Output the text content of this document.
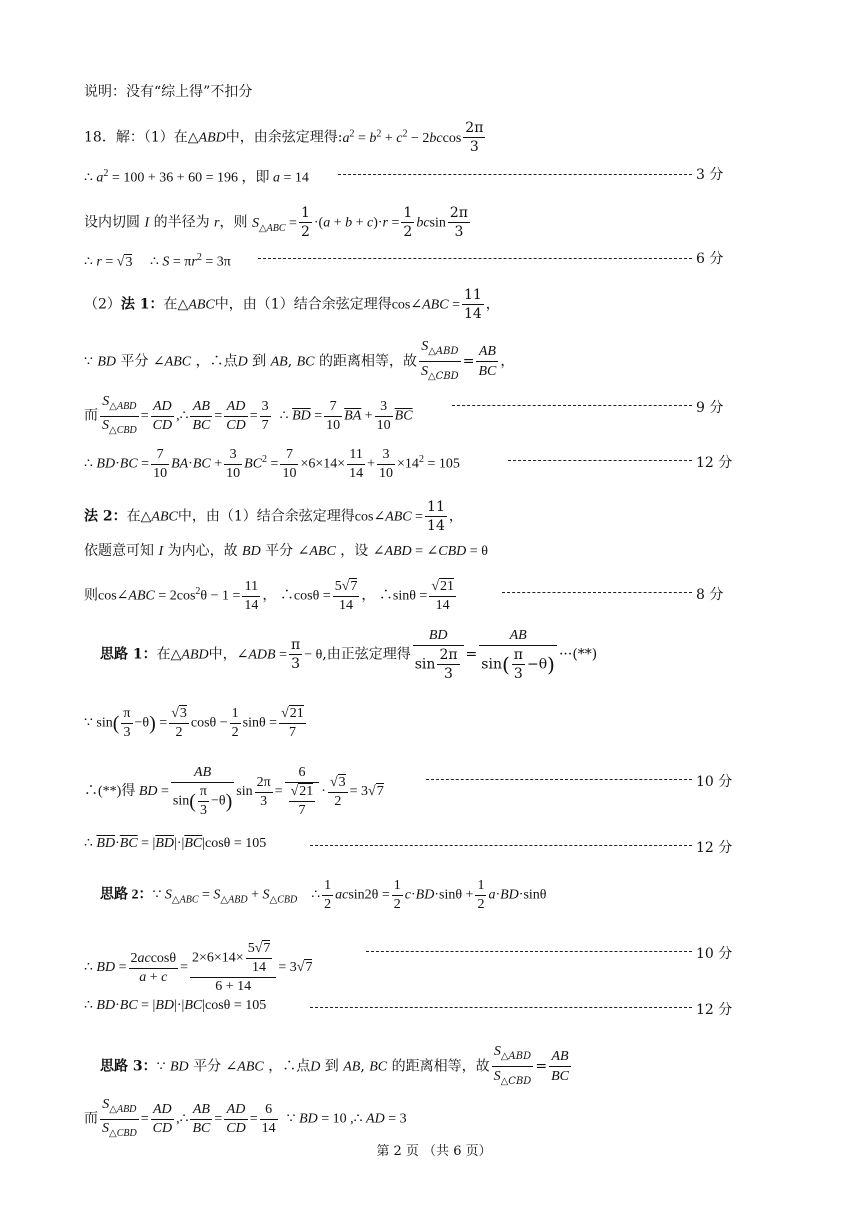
说明：没有“综上得”不扣分
18．解：（1）在△ABD中，由余弦定理得$:a^2 = b^2 + c^2 - 2bccos \frac{2\pi}{3}$
∴ $a^2 = 100 + 36 + 60 = 196$ ，即 a = 14	3 分
设内切圆 I 的半径为 r，则 $S_{\triangle ABC} = \frac{1}{2} \cdot(a + b + c)\cdot r = \frac{1}{2}$ bcsin $\frac{2\pi}{3}$
∴ r = √3     ∴ $S = \pi r^2 = 3\pi$	6 分
（2）法 1：在△ABC中，由（1）结合余弦定理得cos∠ABC = $\frac{11}{14}$ ，
∵ BD 平分 ∠ABC ，∴点D 到 AB, BC 的距离相等，故
$S_{\triangle ABD}$
$S_{\triangle CBD}$
= $\frac{AB}{BC}$ ，
而
$S_{\triangle ABD}$
$S_{\triangle CBD}$
= $\frac{AD}{CD}$ ,∴ $\frac{AB}{BC} = \frac{AD}{CD} = \frac{3}{7}$ ∴ $\overline{BD} = \frac{7}{10} \overline{BA} + \frac{3}{10} \overline{BC}$
9 分
∴ $BD\cdot BC = \frac{7}{10} BA\cdot BC + \frac{3}{10} BC^2 = \frac{7}{10} \times 6\times 14\times \frac{11}{14} + \frac{3}{10} \times 14^2 = 105$	12 分
法 2：在△ABC中，由（1）结合余弦定理得cos∠ABC = $\frac{11}{14}$ ，
依题意可知 I 为内心，故 BD 平分 ∠ABC ，设 ∠ABD = ∠CBD = θ
则cos∠ABC = $2\cos^2\theta - 1 = \frac{11}{14}$ ， ∴cosθ = $\frac{5√7}{14}$ ， ∴sinθ = $\frac{√21}{14}$	8 分
思路 1：在△ABD中，∠ADB = $\frac{\pi}{3} - \theta$,由正弦定理得 $\frac{BD}{\sin \frac{2\pi}{3}} = \frac{AB}{\sin( \frac{\pi}{3} -\theta)}$ ···(**)
∵ $\sin( \frac{\pi}{3} -\theta) = \frac{√3}{2}$ $\cos\theta - \frac{1}{2}$ $\sin\theta = \frac{√21}{7}$
∴(**)得 BD = $\frac{AB}{\sin( \frac{\pi}{3} -\theta)}$ $\sin \frac{2\pi}{3} = \frac{6}{\frac{√21}{7}} \cdot \frac{√3}{2} = 3√7$
10 分
∴ $\overline{BD}\cdot\overline{BC} = |\overline{BD}|\cdot|\overline{BC}|\cos\theta = 105$	12 分
思路 2：∵ $S_{\triangle ABC} = S_{\triangle ABD} + S_{\triangle CBD}$    ∴ $\frac{1}{2} acsin2\theta = \frac{1}{2} c\cdot BD\cdot\sin\theta + \frac{1}{2} a\cdot BD\cdot\sin\theta$
∴ BD = $\frac{2accos\theta}{a + c} = \frac{2\times 6\times 14\times \frac{5√7}{14}}{6 + 14} = 3√7$
10 分
∴ BD·BC = |BD|·|BC|cosθ = 105	12 分
思路 3：∵ BD 平分 ∠ABC ，∴点D 到 AB, BC 的距离相等，故
$S_{\triangle ABD}$
$S_{\triangle CBD}$
= $\frac{AB}{BC}$
而
$S_{\triangle ABD}$
$S_{\triangle CBD}$
= $\frac{AD}{CD}$ ,∴ $\frac{AB}{BC} = \frac{AD}{CD} = \frac{6}{14}$ ∵ BD = 10 ,∴ AD = 3
第 2 页 （共 6 页）
